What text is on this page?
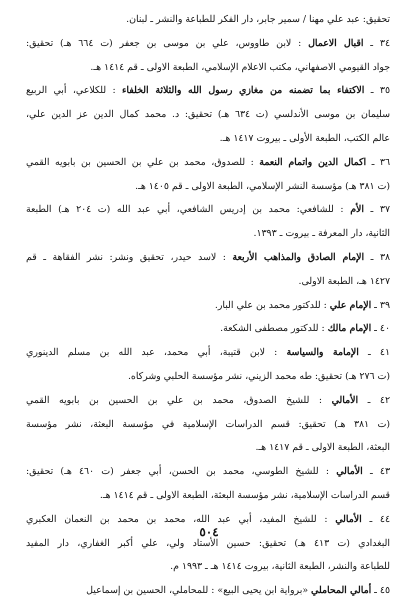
تحقيق: عبد علي مهنا / سمير جابر، دار الفكر للطباعة والنشر ـ لبنان.
٣٤ ـ اقبال الاعمال : لابن طاووس، علي بن موسى بن جعفر (ت ٦٦٤ هـ) تحقيق:
جواد القيومي الاصفهاني، مكتب الاعلام الإسلامي، الطبعة الاولى ـ قم ١٤١٤ هـ.
٣٥ ـ الاكتفاء بما تضمنه من مغازي رسول الله والثلاثة الخلفاء : للكلاعي، أبي الربيع
سليمان بن موسى الأندلسي (ت ٦٣٤ هـ) تحقيق: د. محمد كمال الدين عز الدين علي،
عالم الكتب، الطبعة الأولى ـ بيروت ١٤١٧ هـ.
٣٦ ـ اكمال الدين واتمام النعمة : للصدوق، محمد بن علي بن الحسين بن بابويه القمي
(ت ٣٨١ هـ) مؤسسة النشر الإسلامي، الطبعة الاولى ـ قم ١٤٠٥ هـ.
٣٧ ـ الأم : للشافعي: محمد بن إدريس الشافعي، أبي عبد الله (ت ٢٠٤ هـ) الطبعة
الثانية، دار المعرفة ـ بيروت ـ ١٣٩٣.
٣٨ ـ الإمام الصادق والمذاهب الأربعة : لاسد حيدر، تحقيق ونشر: نشر الفقاهة ـ قم
١٤٢٧ هـ، الطبعة الاولى.
٣٩ ـ الإمام علي : للدكتور محمد بن علي البار.
٤٠ ـ الإمام مالك : للدكتور مصطفى الشكعة.
٤١ ـ الإمامة والسياسة : لابن قتيبة، أبي محمد، عبد الله بن مسلم الدينوري
(ت ٢٧٦ هـ) تحقيق: طه محمد الزيني، نشر مؤسسة الحلبي وشركاه.
٤٢ ـ الأمالي : للشيخ الصدوق، محمد بن علي بن الحسين بن بابويه القمي
(ت ٣٨١ هـ) تحقيق: قسم الدراسات الإسلامية في مؤسسة البعثة، نشر مؤسسة
البعثة، الطبعة الاولى ـ قم ١٤١٧ هـ.
٤٣ ـ الأمالي : للشيخ الطوسي، محمد بن الحسن، أبي جعفر (ت ٤٦٠ هـ) تحقيق:
قسم الدراسات الإسلامية، نشر مؤسسة البعثة، الطبعة الاولى ـ قم ١٤١٤ هـ.
٤٤ ـ الأمالي : للشيخ المفيد، أبي عبد الله، محمد بن محمد بن النعمان العكبري
البغدادي (ت ٤١٣ هـ) تحقيق: حسين الأستاد ولي، علي أكبر الغفاري، دار المفيد
للطباعة والنشر، الطبعة الثانية، بيروت ١٤١٤ هـ ـ ١٩٩٣ م.
٤٥ ـ أمالي المحاملي «برواية ابن يحيى البيع» : للمحاملي، الحسين بن إسماعيل
٥٠٤
